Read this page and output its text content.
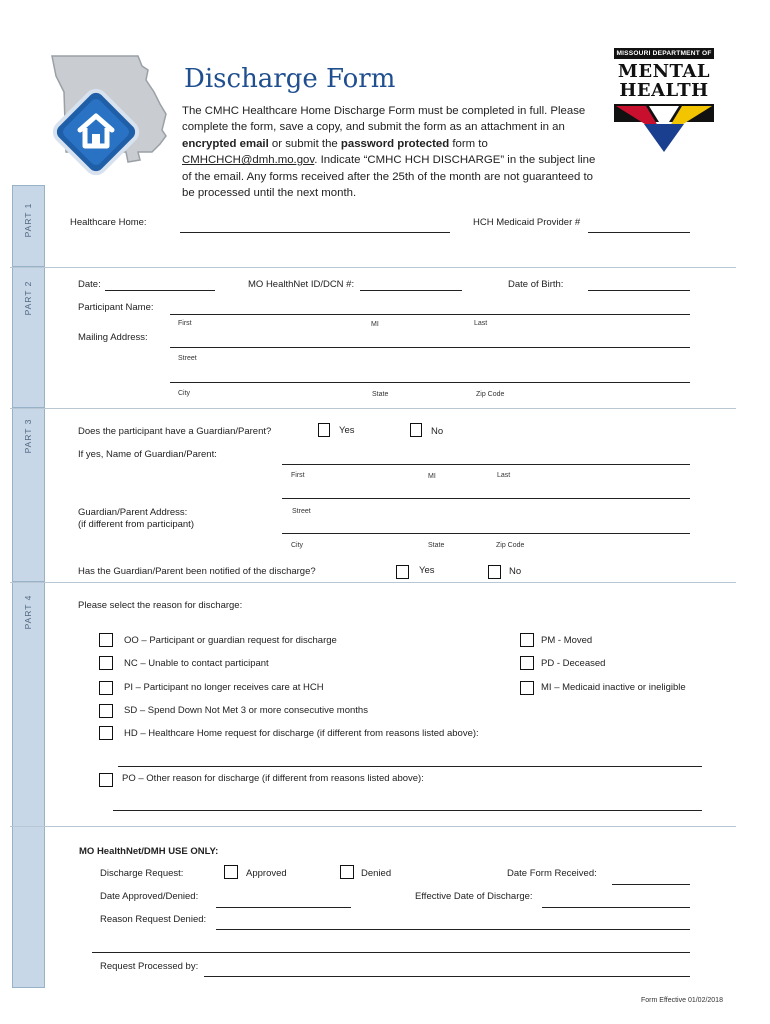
Discharge Form
The CMHC Healthcare Home Discharge Form must be completed in full. Please complete the form, save a copy, and submit the form as an attachment in an encrypted email or submit the password protected form to CMHCHCH@dmh.mo.gov. Indicate “CMHC HCH DISCHARGE” in the subject line of the email. Any forms received after the 25th of the month are not guaranteed to be processed until the next month.
MISSOURI DEPARTMENT OF
MENTAL
HEALTH
PART 1
PART 2
PART 3
PART 4
Healthcare Home:	HCH Medicaid Provider #
Date:	MO HealthNet ID/DCN #:	Date of Birth:
Participant Name:
First	MI	Last
Mailing Address:
Street
City	State	Zip Code
Does the participant have a Guardian/Parent?	Yes	No
If yes, Name of Guardian/Parent:
First	MI	Last
Guardian/Parent Address:
(if different from participant)
Street
City	State	Zip Code
Has the Guardian/Parent been notified of the discharge?	Yes	No
Please select the reason for discharge:
OO – Participant or guardian request for discharge
NC – Unable to contact participant
PI – Participant no longer receives care at HCH
SD – Spend Down Not Met 3 or more consecutive months
HD – Healthcare Home request for discharge (if different from reasons listed above):
PO – Other reason for discharge (if different from reasons listed above):
PM - Moved
PD - Deceased
MI – Medicaid inactive or ineligible
MO HealthNet/DMH USE ONLY:
Discharge Request:	Approved	Denied	Date Form Received:
Date Approved/Denied:	Effective Date of Discharge:
Reason Request Denied:
Request Processed by:
Form Effective 01/02/2018
